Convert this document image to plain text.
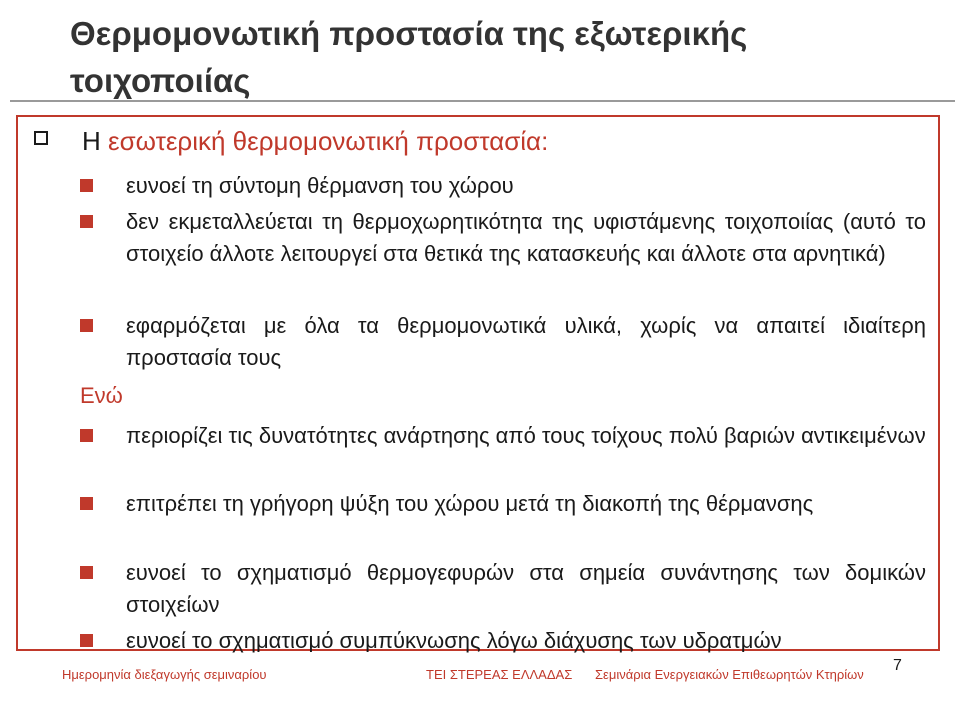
Θερμομονωτική προστασία της εξωτερικής τοιχοποιίας
Η εσωτερική θερμομονωτική προστασία:
ευνοεί τη σύντομη θέρμανση του χώρου
δεν εκμεταλλεύεται τη θερμοχωρητικότητα της υφιστάμενης τοιχοποιίας (αυτό το στοιχείο άλλοτε λειτουργεί στα θετικά της κατασκευής και άλλοτε στα αρνητικά)
εφαρμόζεται με όλα τα θερμομονωτικά υλικά, χωρίς να απαιτεί ιδιαίτερη προστασία τους
Ενώ
περιορίζει τις δυνατότητες ανάρτησης από τους τοίχους πολύ βαριών αντικειμένων
επιτρέπει τη γρήγορη ψύξη του χώρου μετά τη διακοπή της θέρμανσης
ευνοεί το σχηματισμό θερμογεφυρών στα σημεία συνάντησης των δομικών στοιχείων
ευνοεί το σχηματισμό συμπύκνωσης λόγω διάχυσης των υδρατμών
Ημερομηνία διεξαγωγής σεμιναρίου	ΤΕΙ ΣΤΕΡΕΑΣ ΕΛΛΑΔΑΣ Σεμινάρια Ενεργειακών Επιθεωρητών Κτηρίων
7
